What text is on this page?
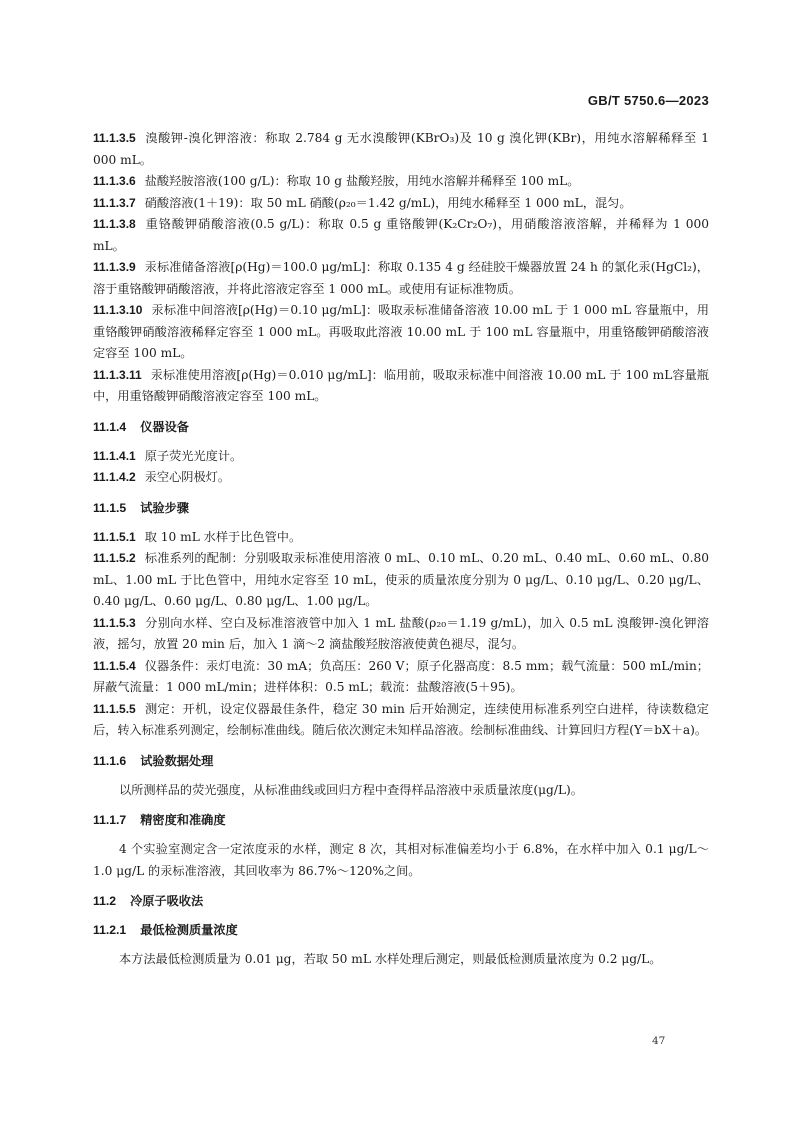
GB/T 5750.6—2023

11.1.3.5 溴酸钾-溴化钾溶液：称取 2.784 g 无水溴酸钾(KBrO₃)及 10 g 溴化钾(KBr)，用纯水溶解稀释至 1 000 mL。

11.1.3.6 盐酸羟胺溶液(100 g/L)：称取 10 g 盐酸羟胺，用纯水溶解并稀释至 100 mL。

11.1.3.7 硝酸溶液(1＋19)：取 50 mL 硝酸(ρ₂₀＝1.42 g/mL)，用纯水稀释至 1 000 mL，混匀。

11.1.3.8 重铬酸钾硝酸溶液(0.5 g/L)：称取 0.5 g 重铬酸钾(K₂Cr₂O₇)，用硝酸溶液溶解，并稀释为 1 000 mL。

11.1.3.9 汞标准储备溶液[ρ(Hg)＝100.0 μg/mL]：称取 0.135 4 g 经硅胶干燥器放置 24 h 的氯化汞(HgCl₂)，溶于重铬酸钾硝酸溶液，并将此溶液定容至 1 000 mL。或使用有证标准物质。

11.1.3.10 汞标准中间溶液[ρ(Hg)＝0.10 μg/mL]：吸取汞标准储备溶液 10.00 mL 于 1 000 mL 容量瓶中，用重铬酸钾硝酸溶液稀释定容至 1 000 mL。再吸取此溶液 10.00 mL 于 100 mL 容量瓶中，用重铬酸钾硝酸溶液定容至 100 mL。

11.1.3.11 汞标准使用溶液[ρ(Hg)＝0.010 μg/mL]：临用前，吸取汞标准中间溶液 10.00 mL 于 100 mL容量瓶中，用重铬酸钾硝酸溶液定容至 100 mL。

11.1.4 仪器设备

11.1.4.1 原子荧光光度计。

11.1.4.2 汞空心阴极灯。

11.1.5 试验步骤

11.1.5.1 取 10 mL 水样于比色管中。

11.1.5.2 标准系列的配制：分别吸取汞标准使用溶液 0 mL、0.10 mL、0.20 mL、0.40 mL、0.60 mL、0.80 mL、1.00 mL 于比色管中，用纯水定容至 10 mL，使汞的质量浓度分别为 0 μg/L、0.10 μg/L、0.20 μg/L、0.40 μg/L、0.60 μg/L、0.80 μg/L、1.00 μg/L。

11.1.5.3 分别向水样、空白及标准溶液管中加入 1 mL 盐酸(ρ₂₀＝1.19 g/mL)，加入 0.5 mL 溴酸钾-溴化钾溶液，摇匀，放置 20 min 后，加入 1 滴～2 滴盐酸羟胺溶液使黄色褪尽，混匀。

11.1.5.4 仪器条件：汞灯电流：30 mA；负高压：260 V；原子化器高度：8.5 mm；载气流量：500 mL/min；屏蔽气流量：1 000 mL/min；进样体积：0.5 mL；载流：盐酸溶液(5＋95)。

11.1.5.5 测定：开机，设定仪器最佳条件，稳定 30 min 后开始测定，连续使用标准系列空白进样，待读数稳定后，转入标准系列测定，绘制标准曲线。随后依次测定未知样品溶液。绘制标准曲线、计算回归方程(Y＝bX＋a)。

11.1.6 试验数据处理

以所测样品的荧光强度，从标准曲线或回归方程中查得样品溶液中汞质量浓度(μg/L)。

11.1.7 精密度和准确度

4 个实验室测定含一定浓度汞的水样，测定 8 次，其相对标准偏差均小于 6.8%，在水样中加入 0.1 μg/L～1.0 μg/L 的汞标准溶液，其回收率为 86.7%～120%之间。

11.2 冷原子吸收法
11.2.1 最低检测质量浓度

本方法最低检测质量为 0.01 μg，若取 50 mL 水样处理后测定，则最低检测质量浓度为 0.2 μg/L。

47
